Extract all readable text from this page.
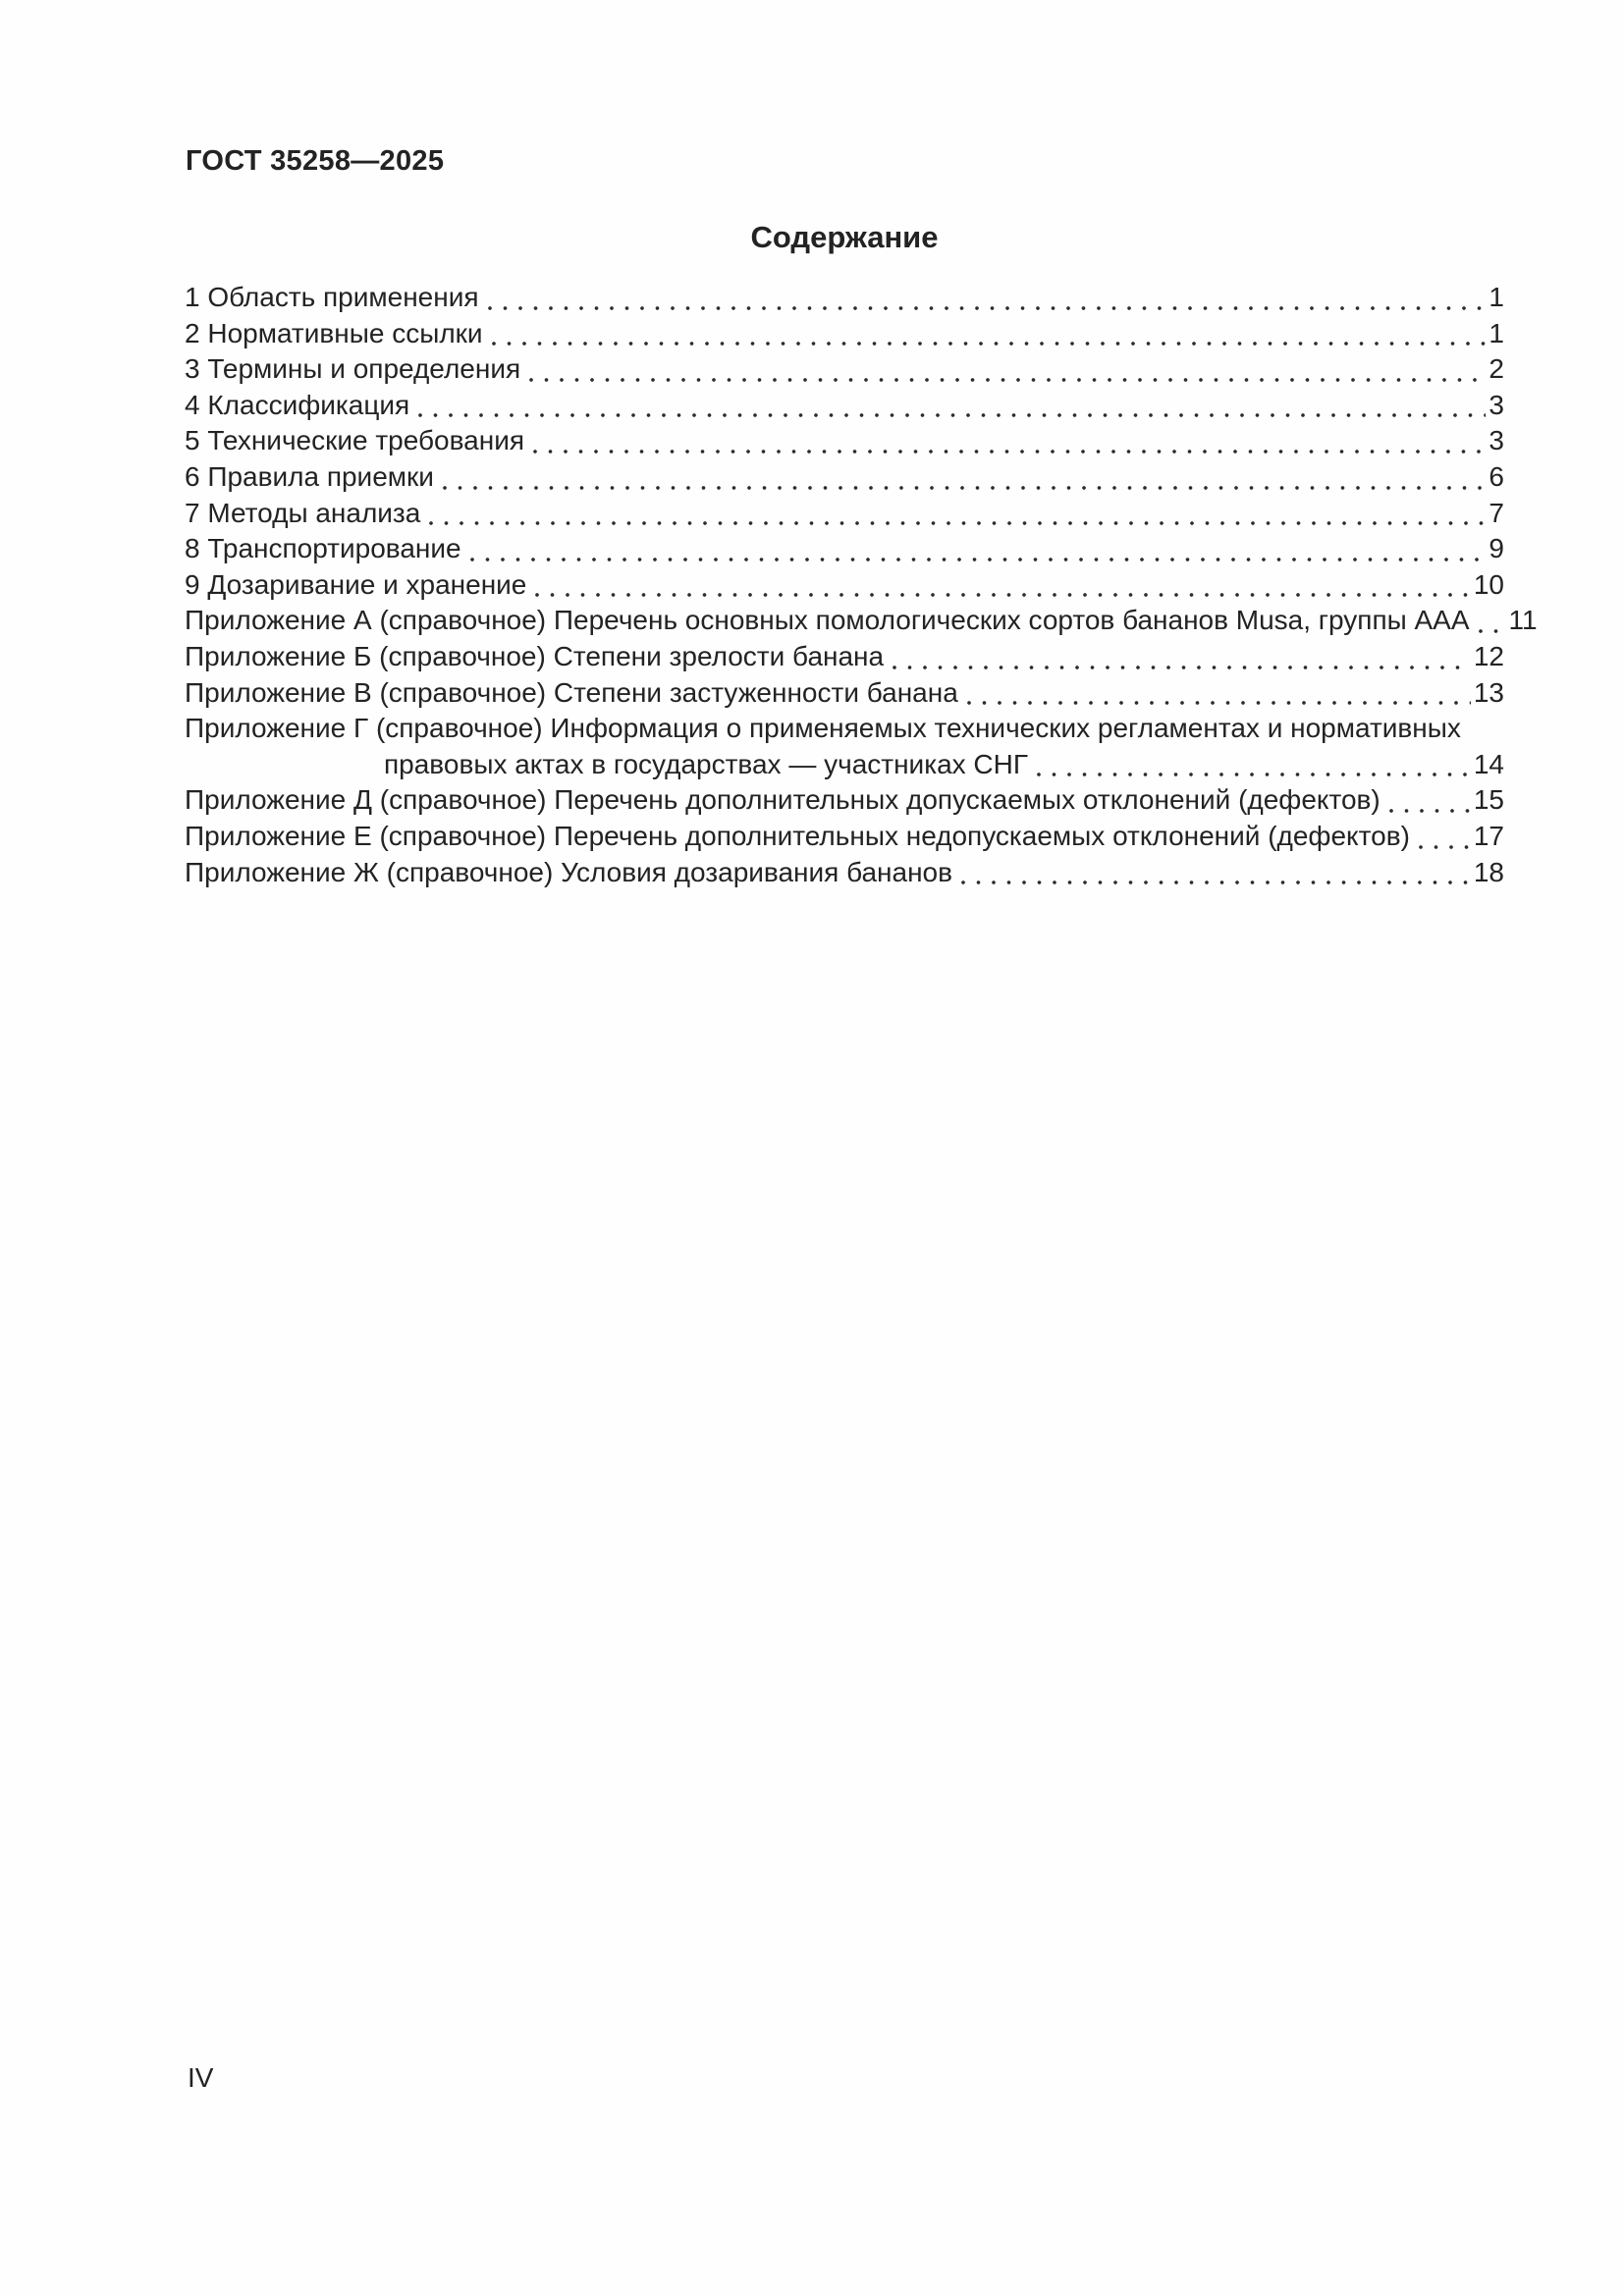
ГОСТ 35258—2025
Содержание
1 Область применения	1
2 Нормативные ссылки	1
3 Термины и определения	2
4 Классификация	3
5 Технические требования	3
6 Правила приемки	6
7 Методы анализа	7
8 Транспортирование	9
9 Дозаривание и хранение	10
Приложение А (справочное) Перечень основных помологических сортов бананов Musa, группы AAA 11
Приложение Б (справочное) Степени зрелости банана	12
Приложение В (справочное) Степени застуженности банана	13
Приложение Г (справочное) Информация о применяемых технических регламентах и нормативных
правовых актах в государствах — участниках СНГ	14
Приложение Д (справочное) Перечень дополнительных допускаемых отклонений (дефектов)	15
Приложение Е (справочное) Перечень дополнительных недопускаемых отклонений (дефектов) 17
Приложение Ж (справочное) Условия дозаривания бананов	18
IV
